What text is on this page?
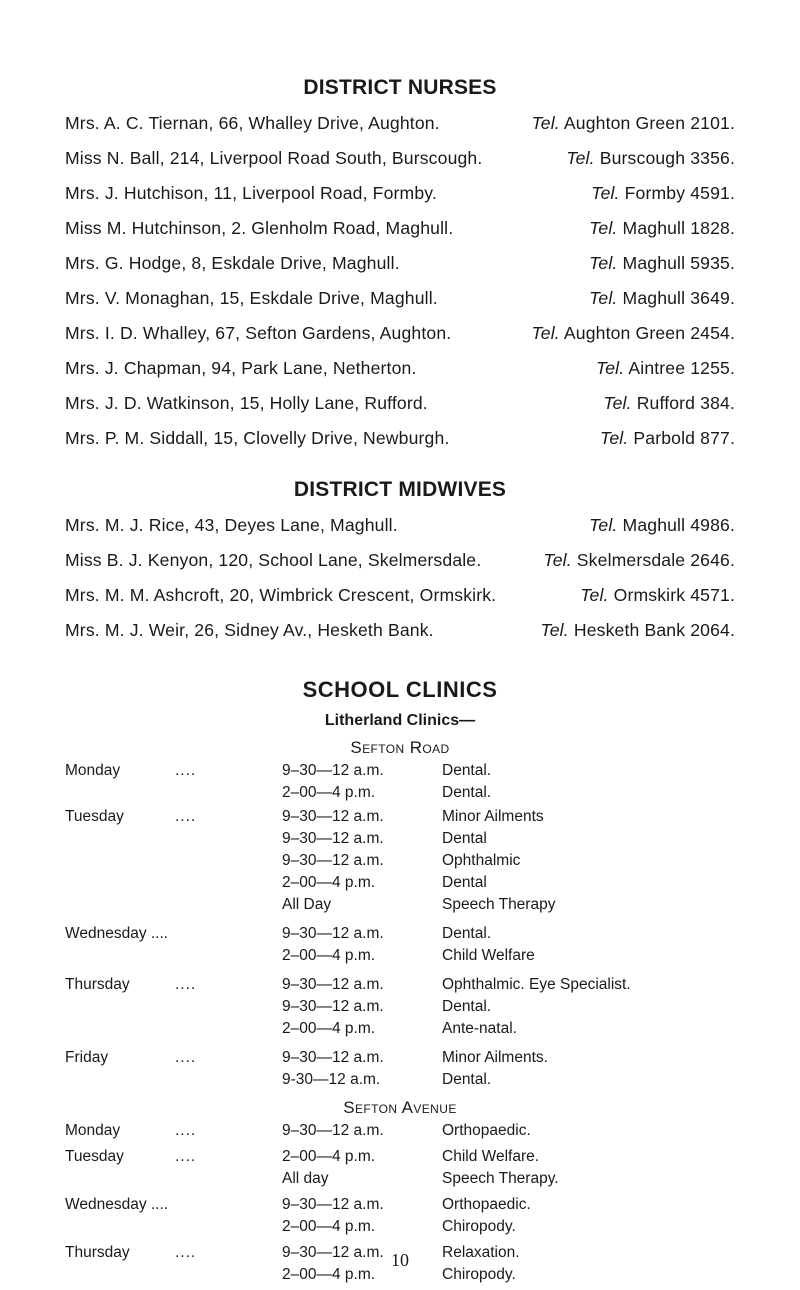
DISTRICT NURSES
Mrs. A. C. Tiernan, 66, Whalley Drive, Aughton.	Tel. Aughton Green 2101.
Miss N. Ball, 214, Liverpool Road South, Burscough.	Tel. Burscough 3356.
Mrs. J. Hutchison, 11, Liverpool Road, Formby.	Tel. Formby 4591.
Miss M. Hutchinson, 2. Glenholm Road, Maghull.	Tel. Maghull 1828.
Mrs. G. Hodge, 8, Eskdale Drive, Maghull.	Tel. Maghull 5935.
Mrs. V. Monaghan, 15, Eskdale Drive, Maghull.	Tel. Maghull 3649.
Mrs. I. D. Whalley, 67, Sefton Gardens, Aughton.	Tel. Aughton Green 2454.
Mrs. J. Chapman, 94, Park Lane, Netherton.	Tel. Aintree 1255.
Mrs. J. D. Watkinson, 15, Holly Lane, Rufford.	Tel. Rufford 384.
Mrs. P. M. Siddall, 15, Clovelly Drive, Newburgh.	Tel. Parbold 877.
DISTRICT MIDWIVES
Mrs. M. J. Rice, 43, Deyes Lane, Maghull.	Tel. Maghull 4986.
Miss B. J. Kenyon, 120, School Lane, Skelmersdale.	Tel. Skelmersdale 2646.
Mrs. M. M. Ashcroft, 20, Wimbrick Crescent, Ormskirk.	Tel. Ormskirk 4571.
Mrs. M. J. Weir, 26, Sidney Av., Hesketh Bank.	Tel. Hesketh Bank 2064.
SCHOOL CLINICS
Litherland Clinics—
Sefton Road
Monday	....	9–30—12 a.m.	Dental.
2–00—4 p.m.	Dental.
Tuesday	....	9–30—12 a.m.	Minor Ailments
9–30—12 a.m.	Dental
9–30—12 a.m.	Ophthalmic
2–00—4 p.m.	Dental
All Day	Speech Therapy
Wednesday ....	9–30—12 a.m.	Dental.
2–00—4 p.m.	Child Welfare
Thursday	....	9–30—12 a.m.	Ophthalmic. Eye Specialist.
9–30—12 a.m.	Dental.
2–00—4 p.m.	Ante-natal.
Friday	....	9–30—12 a.m.	Minor Ailments.
9-30—12 a.m.	Dental.
Sefton Avenue
Monday	....	9–30—12 a.m.	Orthopaedic.
Tuesday	....	2–00—4 p.m.	Child Welfare.
All day	Speech Therapy.
Wednesday ....	9–30—12 a.m.	Orthopaedic.
2–00—4 p.m.	Chiropody.
Thursday	....	9–30—12 a.m.	Relaxation.
2–00—4 p.m.	Chiropody.
10
